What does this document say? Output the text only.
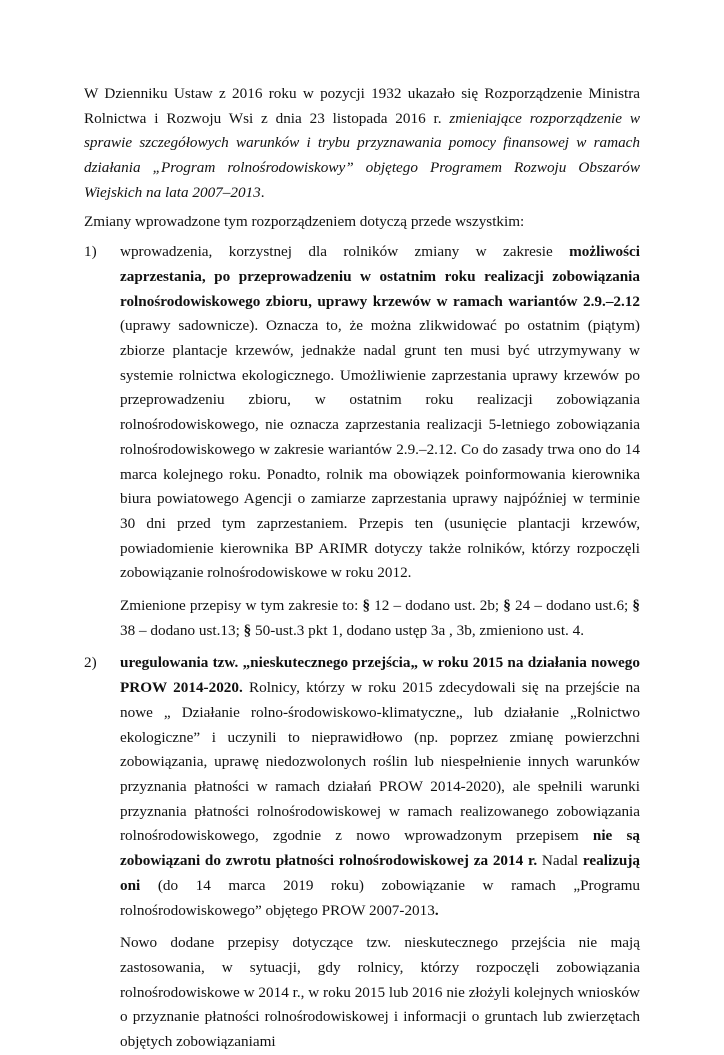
W Dzienniku Ustaw z 2016 roku w pozycji 1932 ukazało się Rozporządzenie Ministra Rolnictwa i Rozwoju Wsi z dnia 23 listopada 2016 r. zmieniające rozporządzenie w sprawie szczegółowych warunków i trybu przyznawania pomocy finansowej w ramach działania „Program rolnośrodowiskowy” objętego Programem Rozwoju Obszarów Wiejskich na lata 2007–2013.

Zmiany wprowadzone tym rozporządzeniem dotyczą przede wszystkim:

1) wprowadzenia, korzystnej dla rolników zmiany w zakresie możliwości zaprzestania, po przeprowadzeniu w ostatnim roku realizacji zobowiązania rolnośrodowiskowego zbioru, uprawy krzewów w ramach wariantów 2.9.–2.12 (uprawy sadownicze). Oznacza to, że można zlikwidować po ostatnim (piątym) zbiorze plantacje krzewów, jednakże nadal grunt ten musi być utrzymywany w systemie rolnictwa ekologicznego. Umożliwienie zaprzestania uprawy krzewów po przeprowadzeniu zbioru, w ostatnim roku realizacji zobowiązania rolnośrodowiskowego, nie oznacza zaprzestania realizacji 5-letniego zobowiązania rolnośrodowiskowego w zakresie wariantów 2.9.–2.12. Co do zasady trwa ono do 14 marca kolejnego roku. Ponadto, rolnik ma obowiązek poinformowania kierownika biura powiatowego Agencji o zamiarze zaprzestania uprawy najpóźniej w terminie 30 dni przed tym zaprzestaniem. Przepis ten (usunięcie plantacji krzewów, powiadomienie kierownika BP ARIMR dotyczy także rolników, którzy rozpoczęli zobowiązanie rolnośrodowiskowe w roku 2012.

Zmienione przepisy w tym zakresie to: § 12 – dodano ust. 2b; § 24 – dodano ust.6; § 38 – dodano ust.13; § 50-ust.3 pkt 1, dodano ustęp 3a , 3b, zmieniono ust. 4.

2) uregulowania tzw. „nieskutecznego przejścia„ w roku 2015 na działania nowego PROW 2014-2020. Rolnicy, którzy w roku 2015 zdecydowali się na przejście na nowe „ Działanie rolno-środowiskowo-klimatyczne„ lub działanie „Rolnictwo ekologiczne” i uczynili to nieprawidłowo (np. poprzez zmianę powierzchni zobowiązania, uprawę niedozwolonych roślin lub niespełnienie innych warunków przyznania płatności w ramach działań PROW 2014-2020), ale spełnili warunki przyznania płatności rolnośrodowiskowej w ramach realizowanego zobowiązania rolnośrodowiskowego, zgodnie z nowo wprowadzonym przepisem nie są zobowiązani do zwrotu płatności rolnośrodowiskowej za 2014 r. Nadal realizują oni (do 14 marca 2019 roku) zobowiązanie w ramach „Programu rolnośrodowiskowego” objętego PROW 2007-2013.

Nowo dodane przepisy dotyczące tzw. nieskutecznego przejścia nie mają zastosowania, w sytuacji, gdy rolnicy, którzy rozpoczęli zobowiązania rolnośrodowiskowe w 2014 r., w roku 2015 lub 2016 nie złożyli kolejnych wniosków o przyznanie płatności rolnośrodowiskowej i informacji o gruntach lub zwierzętach objętych zobowiązaniami
